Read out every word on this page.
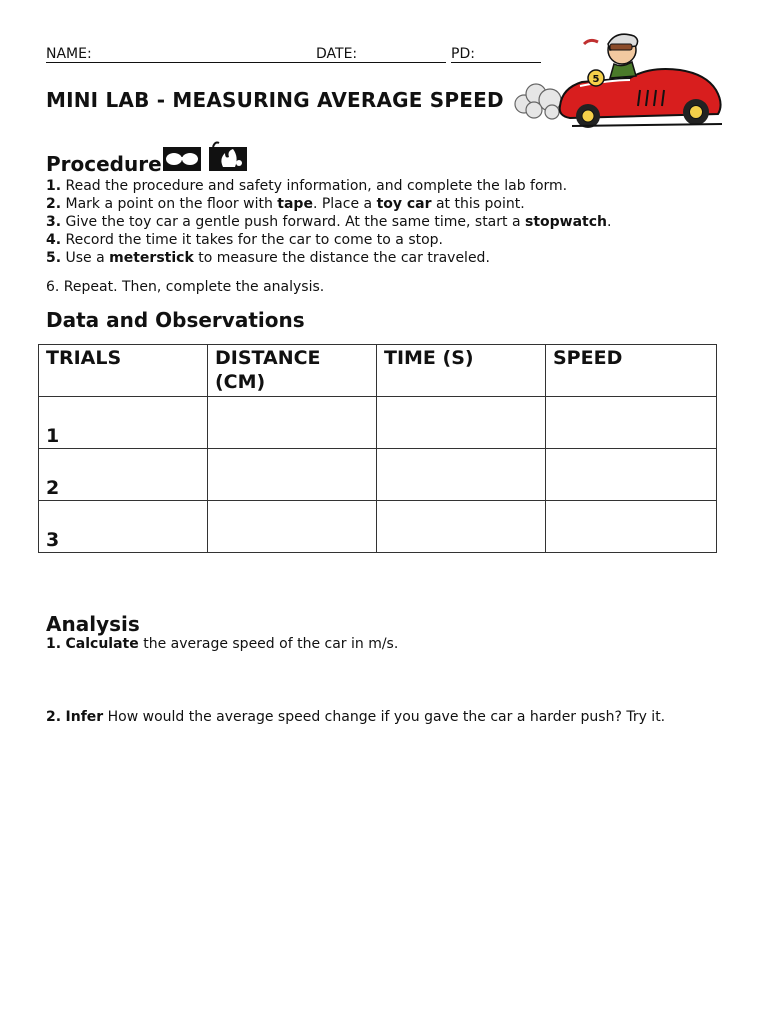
NAME:	DATE:	PD:
MINI LAB - MEASURING AVERAGE SPEED
5
Procedure
1. Read the procedure and safety information, and complete the lab form.
2. Mark a point on the floor with tape. Place a toy car at this point.
3. Give the toy car a gentle push forward. At the same time, start a stopwatch.
4. Record the time it takes for the car to come to a stop.
5. Use a meterstick to measure the distance the car traveled.
6. Repeat. Then, complete the analysis.
Data and Observations
TRIALS	DISTANCE (CM)	TIME (S)	SPEED
1			
2			
3			
Analysis
1. Calculate the average speed of the car in m/s.
2. Infer How would the average speed change if you gave the car a harder push? Try it.
